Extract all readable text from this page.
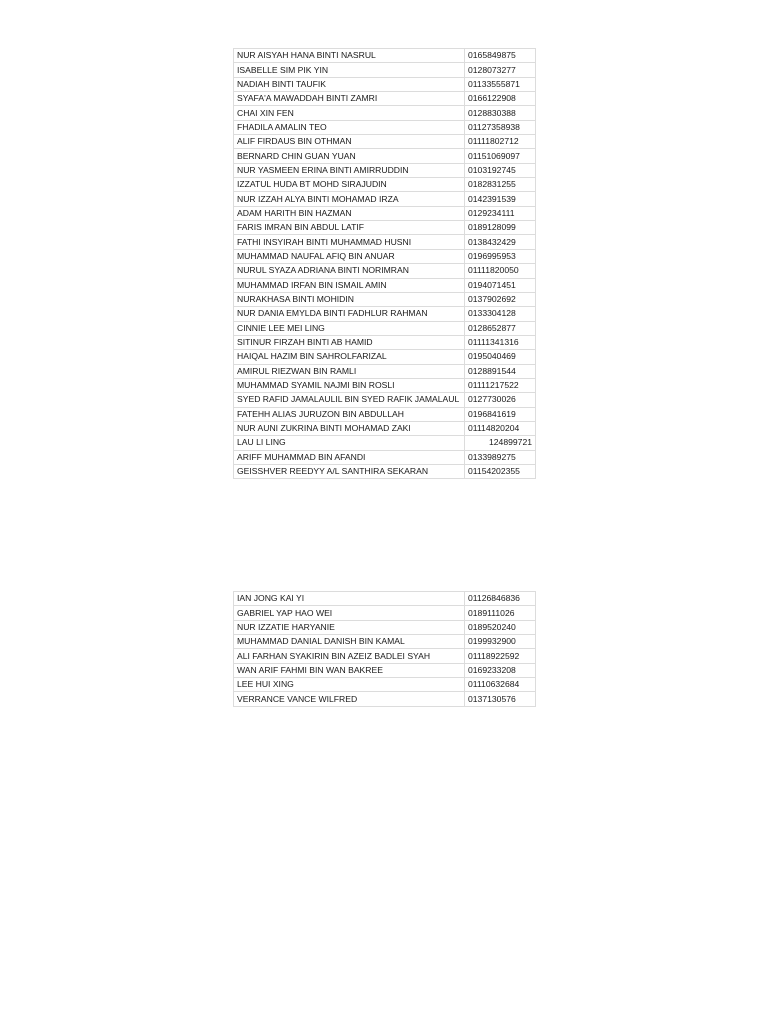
NUR AISYAH HANA BINTI NASRUL	0165849875
ISABELLE SIM PIK YIN	0128073277
NADIAH BINTI TAUFIK	01133555871
SYAFA'A MAWADDAH BINTI ZAMRI	0166122908
CHAI XIN FEN	0128830388
FHADILA AMALIN TEO	01127358938
ALIF FIRDAUS BIN OTHMAN	01111802712
BERNARD CHIN GUAN YUAN	01151069097
NUR YASMEEN ERINA BINTI AMIRRUDDIN	0103192745
IZZATUL HUDA BT MOHD SIRAJUDIN	0182831255
NUR IZZAH ALYA BINTI MOHAMAD IRZA	0142391539
ADAM HARITH BIN HAZMAN	0129234111
FARIS IMRAN BIN ABDUL LATIF	0189128099
FATHI INSYIRAH BINTI MUHAMMAD HUSNI	0138432429
MUHAMMAD NAUFAL AFIQ BIN ANUAR	0196995953
NURUL SYAZA ADRIANA BINTI NORIMRAN	01111820050
MUHAMMAD IRFAN BIN ISMAIL AMIN	0194071451
NURAKHASA BINTI MOHIDIN	0137902692
NUR DANIA EMYLDA BINTI FADHLUR RAHMAN	0133304128
CINNIE LEE MEI LING	0128652877
SITINUR FIRZAH BINTI AB HAMID	01111341316
HAIQAL HAZIM BIN SAHROLFARIZAL	0195040469
AMIRUL RIEZWAN BIN RAMLI	0128891544
MUHAMMAD SYAMIL NAJMI BIN ROSLI	01111217522
SYED RAFID JAMALAULIL BIN SYED RAFIK JAMALAUL	0127730026
FATEHH ALIAS JURUZON BIN ABDULLAH	0196841619
NUR AUNI ZUKRINA BINTI MOHAMAD ZAKI	01114820204
LAU LI LING	124899721
ARIFF MUHAMMAD BIN AFANDI	0133989275
GEISSHVER REEDYY A/L SANTHIRA SEKARAN	01154202355
IAN JONG KAI YI	01126846836
GABRIEL YAP HAO WEI	0189111026
NUR IZZATIE HARYANIE	0189520240
MUHAMMAD DANIAL DANISH BIN KAMAL	0199932900
ALI FARHAN SYAKIRIN BIN AZEIZ BADLEI SYAH	01118922592
WAN ARIF FAHMI BIN WAN BAKREE	0169233208
LEE HUI XING	01110632684
VERRANCE VANCE WILFRED	0137130576
